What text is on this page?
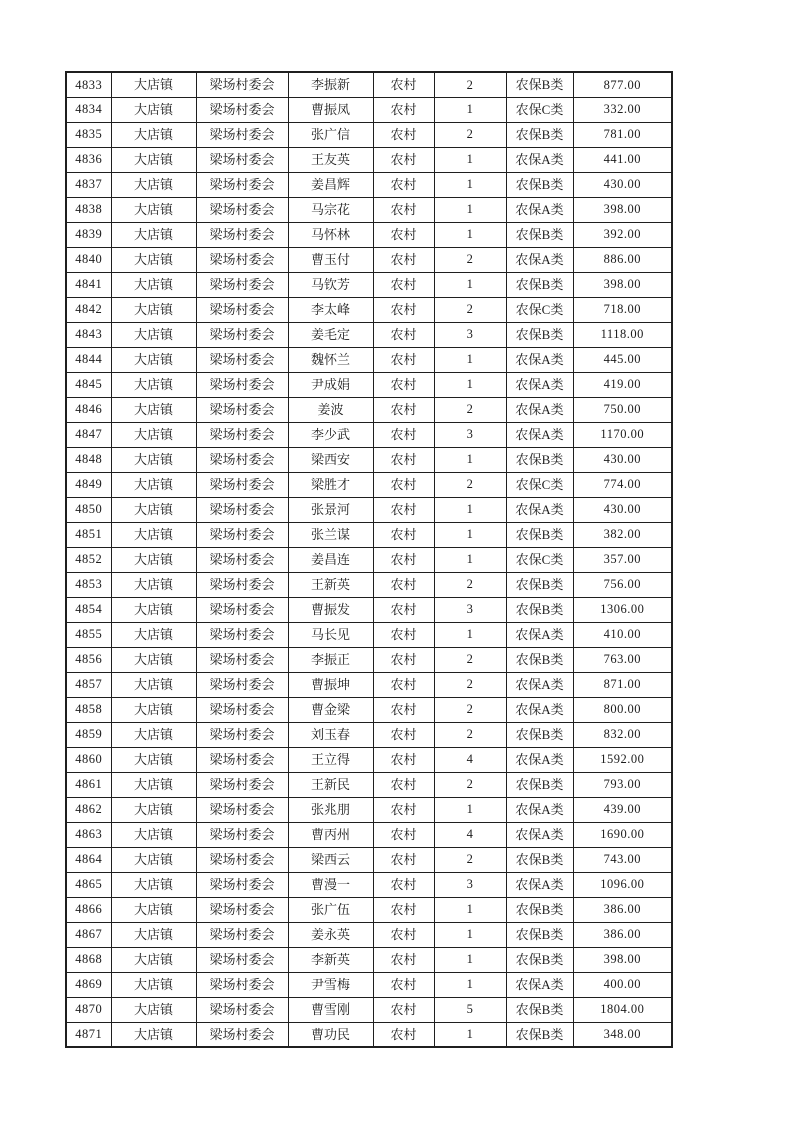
4833	大店镇	梁场村委会	李振新	农村	2	农保B类	877.00
4834	大店镇	梁场村委会	曹振凤	农村	1	农保C类	332.00
4835	大店镇	梁场村委会	张广信	农村	2	农保B类	781.00
4836	大店镇	梁场村委会	王友英	农村	1	农保A类	441.00
4837	大店镇	梁场村委会	姜昌辉	农村	1	农保B类	430.00
4838	大店镇	梁场村委会	马宗花	农村	1	农保A类	398.00
4839	大店镇	梁场村委会	马怀林	农村	1	农保B类	392.00
4840	大店镇	梁场村委会	曹玉付	农村	2	农保A类	886.00
4841	大店镇	梁场村委会	马钦芳	农村	1	农保B类	398.00
4842	大店镇	梁场村委会	李太峰	农村	2	农保C类	718.00
4843	大店镇	梁场村委会	姜毛定	农村	3	农保B类	1118.00
4844	大店镇	梁场村委会	魏怀兰	农村	1	农保A类	445.00
4845	大店镇	梁场村委会	尹成娟	农村	1	农保A类	419.00
4846	大店镇	梁场村委会	姜波	农村	2	农保A类	750.00
4847	大店镇	梁场村委会	李少武	农村	3	农保A类	1170.00
4848	大店镇	梁场村委会	梁西安	农村	1	农保B类	430.00
4849	大店镇	梁场村委会	梁胜才	农村	2	农保C类	774.00
4850	大店镇	梁场村委会	张景河	农村	1	农保A类	430.00
4851	大店镇	梁场村委会	张兰谋	农村	1	农保B类	382.00
4852	大店镇	梁场村委会	姜昌连	农村	1	农保C类	357.00
4853	大店镇	梁场村委会	王新英	农村	2	农保B类	756.00
4854	大店镇	梁场村委会	曹振发	农村	3	农保B类	1306.00
4855	大店镇	梁场村委会	马长见	农村	1	农保A类	410.00
4856	大店镇	梁场村委会	李振正	农村	2	农保B类	763.00
4857	大店镇	梁场村委会	曹振坤	农村	2	农保A类	871.00
4858	大店镇	梁场村委会	曹金梁	农村	2	农保A类	800.00
4859	大店镇	梁场村委会	刘玉春	农村	2	农保B类	832.00
4860	大店镇	梁场村委会	王立得	农村	4	农保A类	1592.00
4861	大店镇	梁场村委会	王新民	农村	2	农保B类	793.00
4862	大店镇	梁场村委会	张兆朋	农村	1	农保A类	439.00
4863	大店镇	梁场村委会	曹丙州	农村	4	农保A类	1690.00
4864	大店镇	梁场村委会	梁西云	农村	2	农保B类	743.00
4865	大店镇	梁场村委会	曹漫一	农村	3	农保A类	1096.00
4866	大店镇	梁场村委会	张广伍	农村	1	农保B类	386.00
4867	大店镇	梁场村委会	姜永英	农村	1	农保B类	386.00
4868	大店镇	梁场村委会	李新英	农村	1	农保B类	398.00
4869	大店镇	梁场村委会	尹雪梅	农村	1	农保A类	400.00
4870	大店镇	梁场村委会	曹雪刚	农村	5	农保B类	1804.00
4871	大店镇	梁场村委会	曹功民	农村	1	农保B类	348.00
